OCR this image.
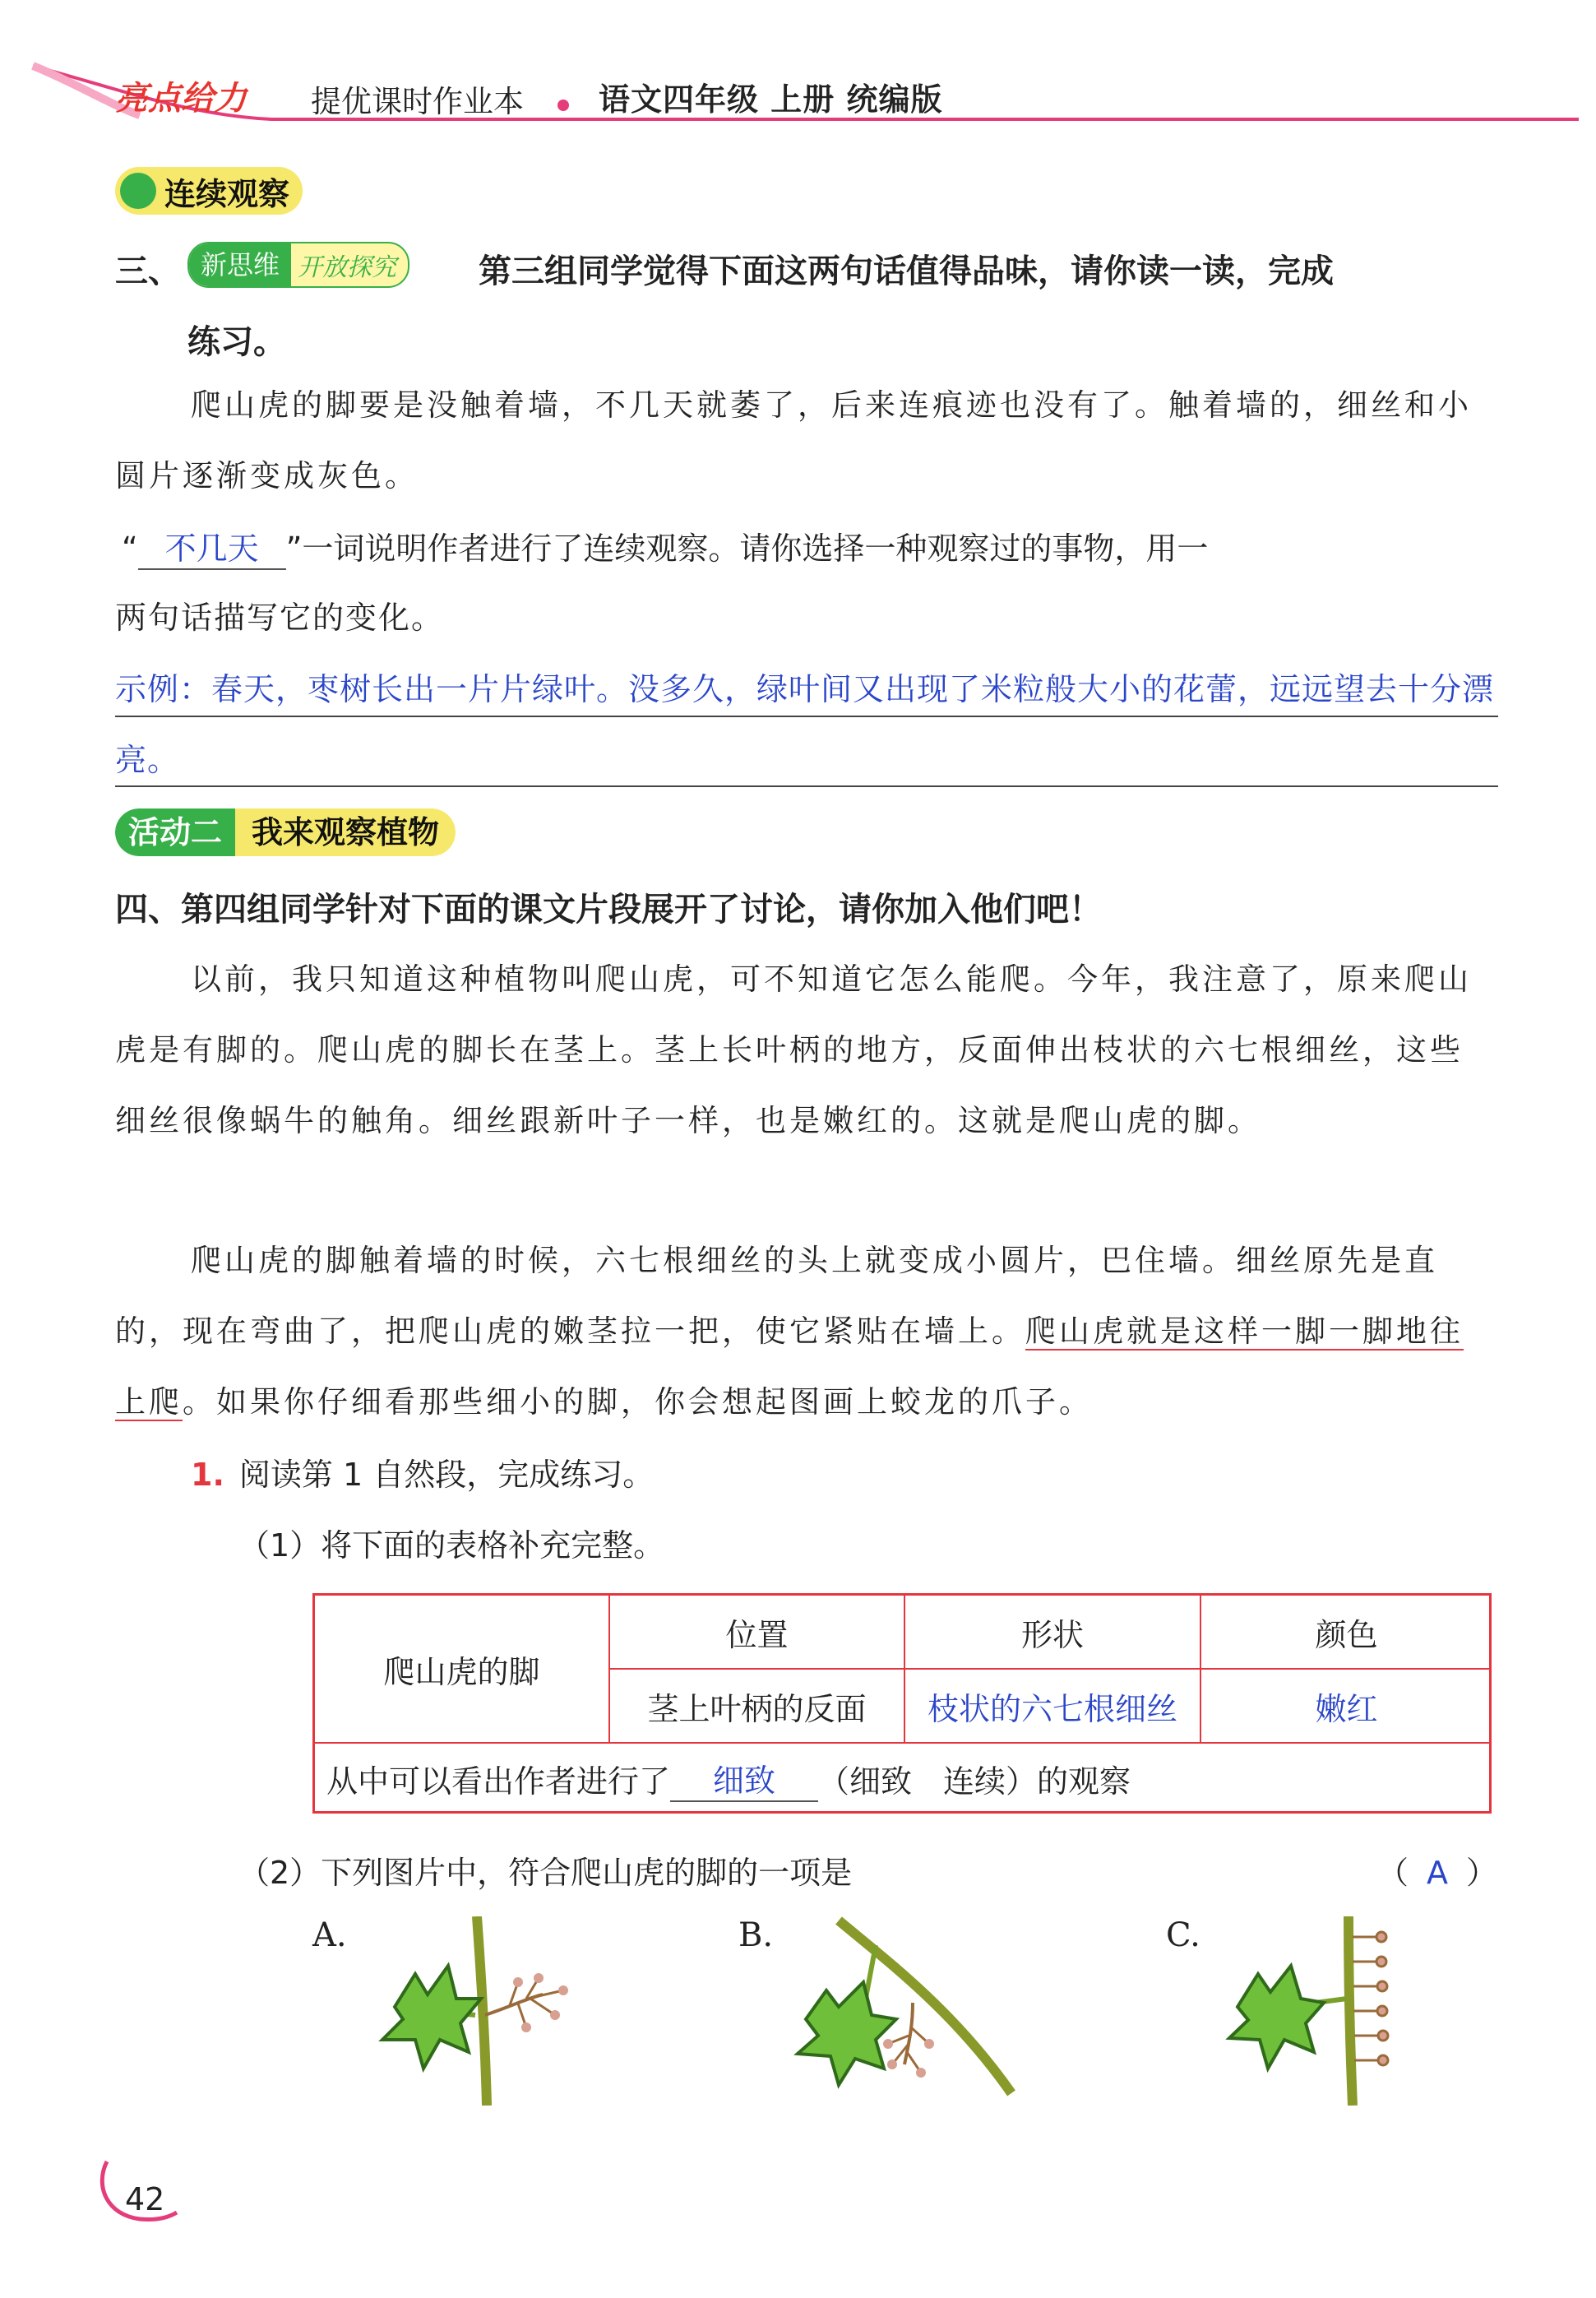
亮点给力 提优课时作业本 语文四年级 上册 统编版
连续观察
三、 新思维 开放探究	第三组同学觉得下面这两句话值得品味，请你读一读，完成
练习。
爬山虎的脚要是没触着墙，不几天就萎了，后来连痕迹也没有了。触着墙的，细丝和小圆片逐渐变成灰色。
“ 不几天 ”一词说明作者进行了连续观察。请你选择一种观察过的事物，用一
两句话描写它的变化。
示例：春天，枣树长出一片片绿叶。没多久，绿叶间又出现了米粒般大小的花蕾，远远望去十分漂亮。
活动二 我来观察植物
四、第四组同学针对下面的课文片段展开了讨论，请你加入他们吧！
以前，我只知道这种植物叫爬山虎，可不知道它怎么能爬。今年，我注意了，原来爬山虎是有脚的。爬山虎的脚长在茎上。茎上长叶柄的地方，反面伸出枝状的六七根细丝，这些细丝很像蜗牛的触角。细丝跟新叶子一样，也是嫩红的。这就是爬山虎的脚。
爬山虎的脚触着墙的时候，六七根细丝的头上就变成小圆片，巴住墙。细丝原先是直的，现在弯曲了，把爬山虎的嫩茎拉一把，使它紧贴在墙上。爬山虎就是这样一脚一脚地往上爬。如果你仔细看那些细小的脚，你会想起图画上蛟龙的爪子。
1. 阅读第 1 自然段，完成练习。
（1）将下面的表格补充完整。
爬山虎的脚
位置	形状	颜色
茎上叶柄的反面	枝状的六七根细丝	嫩红
从中可以看出作者进行了	细致	（细致　连续）的观察
（2）下列图片中，符合爬山虎的脚的一项是	（ A ）
A.	B.	C.
42
